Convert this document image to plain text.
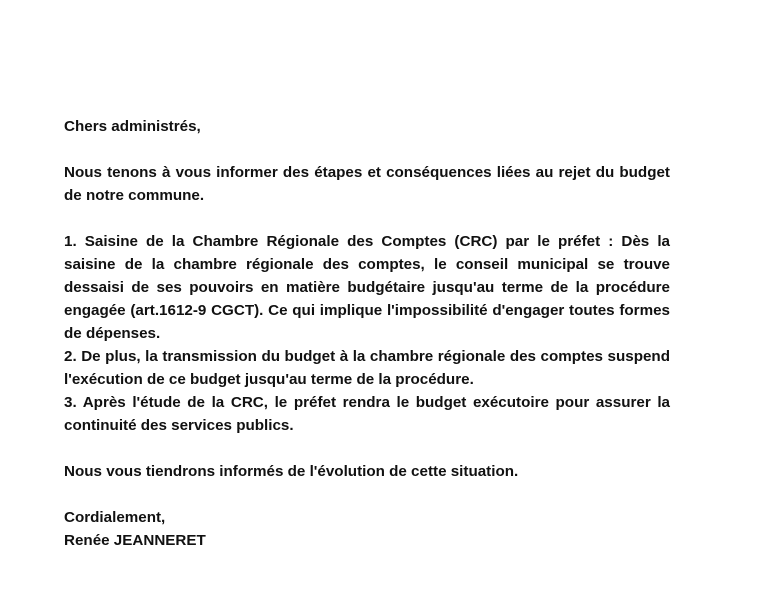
Chers administrés,

Nous tenons à vous informer des étapes et conséquences liées au rejet du budget de notre commune.

1. Saisine de la Chambre Régionale des Comptes (CRC) par le préfet : Dès la saisine de la chambre régionale des comptes, le conseil municipal se trouve dessaisi de ses pouvoirs en matière budgétaire jusqu'au terme de la procédure engagée (art.1612-9 CGCT). Ce qui implique l'impossibilité d'engager toutes formes de dépenses.

2. De plus, la transmission du budget à la chambre régionale des comptes suspend l'exécution de ce budget jusqu'au terme de la procédure.

3. Après l'étude de la CRC, le préfet rendra le budget exécutoire pour assurer la continuité des services publics.

Nous vous tiendrons informés de l'évolution de cette situation.

Cordialement,

Renée JEANNERET
